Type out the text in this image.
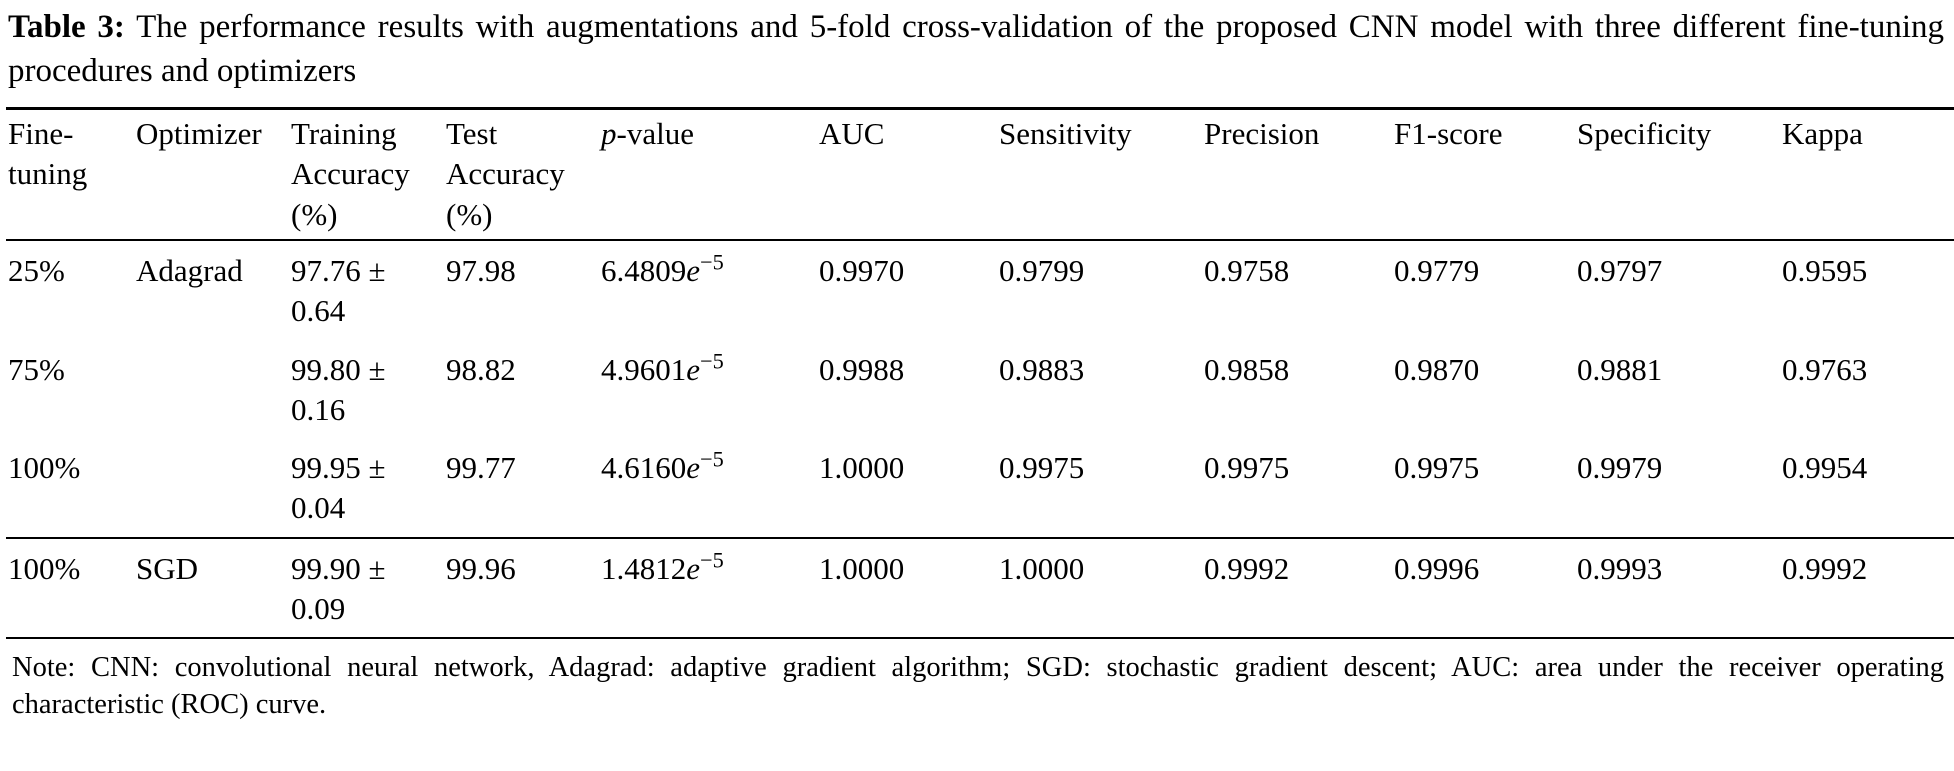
Table 3: The performance results with augmentations and 5-fold cross-validation of the proposed CNN model with three different fine-tuning procedures and optimizers

Fine-tuning	Optimizer	Training Accuracy (%)	Test Accuracy (%)	p-value	AUC	Sensitivity	Precision	F1-score	Specificity	Kappa
25%	Adagrad	97.76 ± 0.64	97.98	$6.4809e^{-5}$	0.9970	0.9799	0.9758	0.9779	0.9797	0.9595
75%		99.80 ± 0.16	98.82	$4.9601e^{-5}$	0.9988	0.9883	0.9858	0.9870	0.9881	0.9763
100%		99.95 ± 0.04	99.77	$4.6160e^{-5}$	1.0000	0.9975	0.9975	0.9975	0.9979	0.9954
100%	SGD	99.90 ± 0.09	99.96	$1.4812e^{-5}$	1.0000	1.0000	0.9992	0.9996	0.9993	0.9992

Note: CNN: convolutional neural network, Adagrad: adaptive gradient algorithm; SGD: stochastic gradient descent; AUC: area under the receiver operating characteristic (ROC) curve.
